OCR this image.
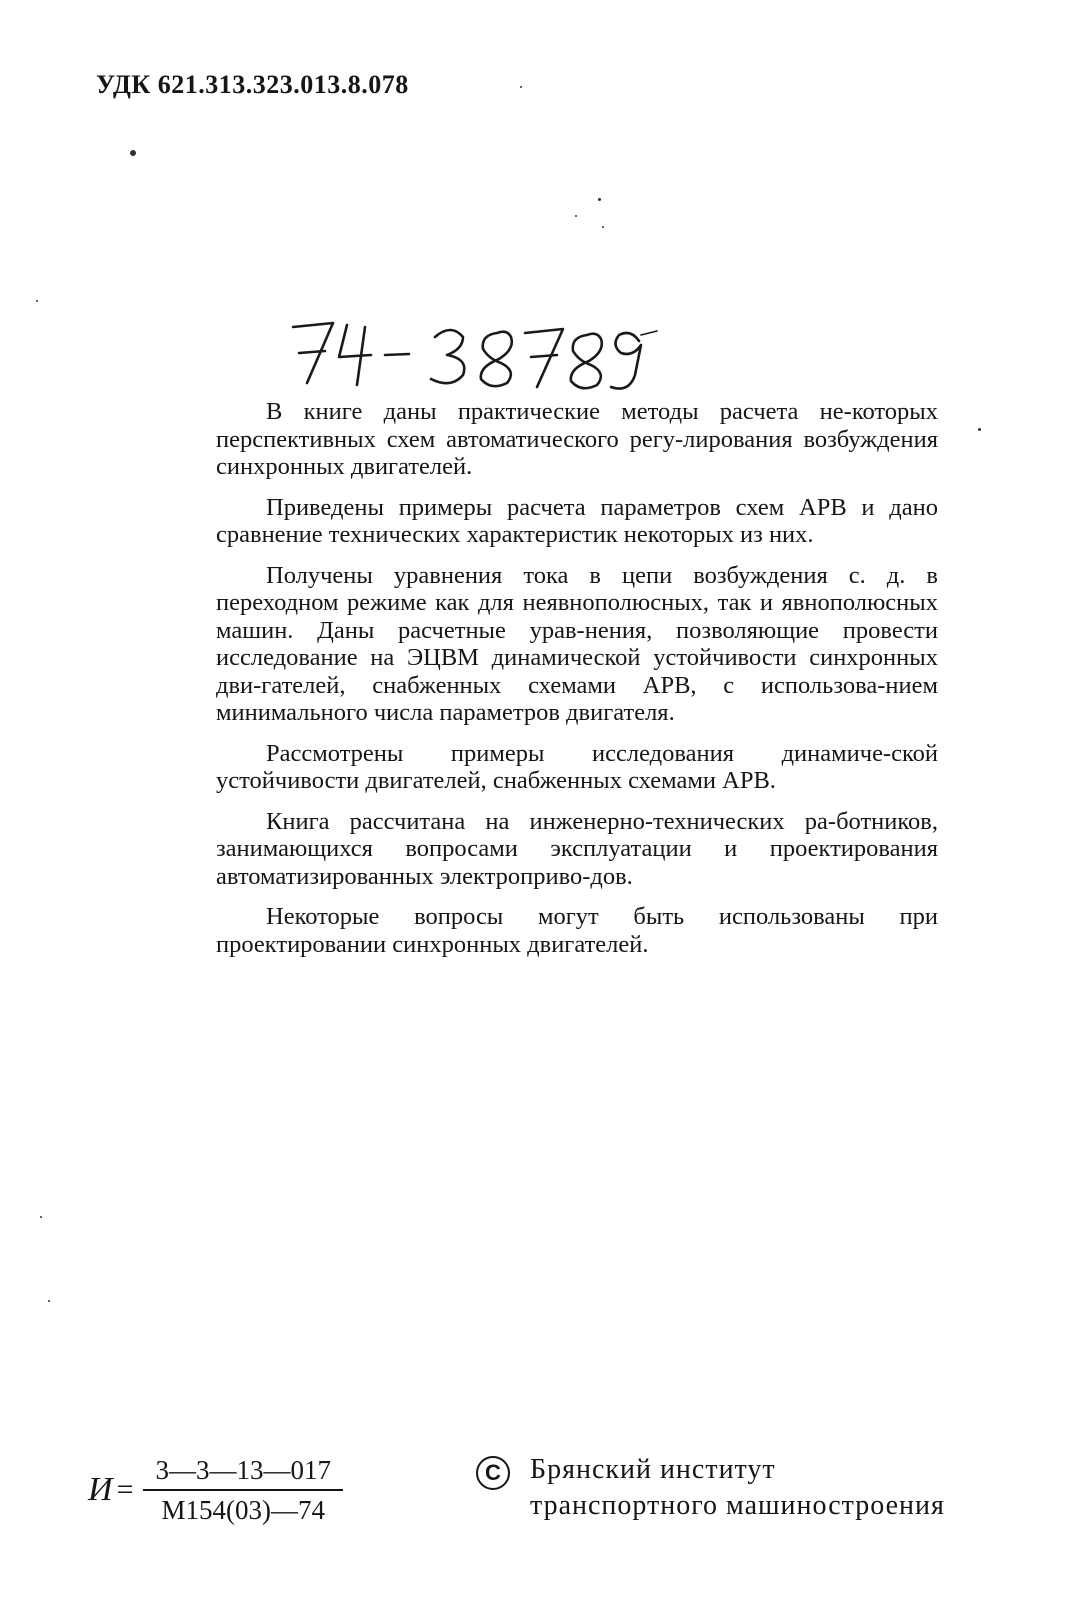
УДК 621.313.323.013.8.078

В книге даны практические методы расчета не-которых перспективных схем автоматического регу-лирования возбуждения синхронных двигателей.

Приведены примеры расчета параметров схем АРВ и дано сравнение технических характеристик некоторых из них.

Получены уравнения тока в цепи возбуждения с. д. в переходном режиме как для неявнополюсных, так и явнополюсных машин. Даны расчетные урав-нения, позволяющие провести исследование на ЭЦВМ динамической устойчивости синхронных дви-гателей, снабженных схемами АРВ, с использова-нием минимального числа параметров двигателя.

Рассмотрены примеры исследования динамиче-ской устойчивости двигателей, снабженных схемами АРВ.

Книга рассчитана на инженерно-технических ра-ботников, занимающихся вопросами эксплуатации и проектирования автоматизированных электроприво-дов.

Некоторые вопросы могут быть использованы при проектировании синхронных двигателей.

$И = \frac{3—3—13—017}{М154(03)—74}$	C	Брянский институт
транспортного машиностроения
